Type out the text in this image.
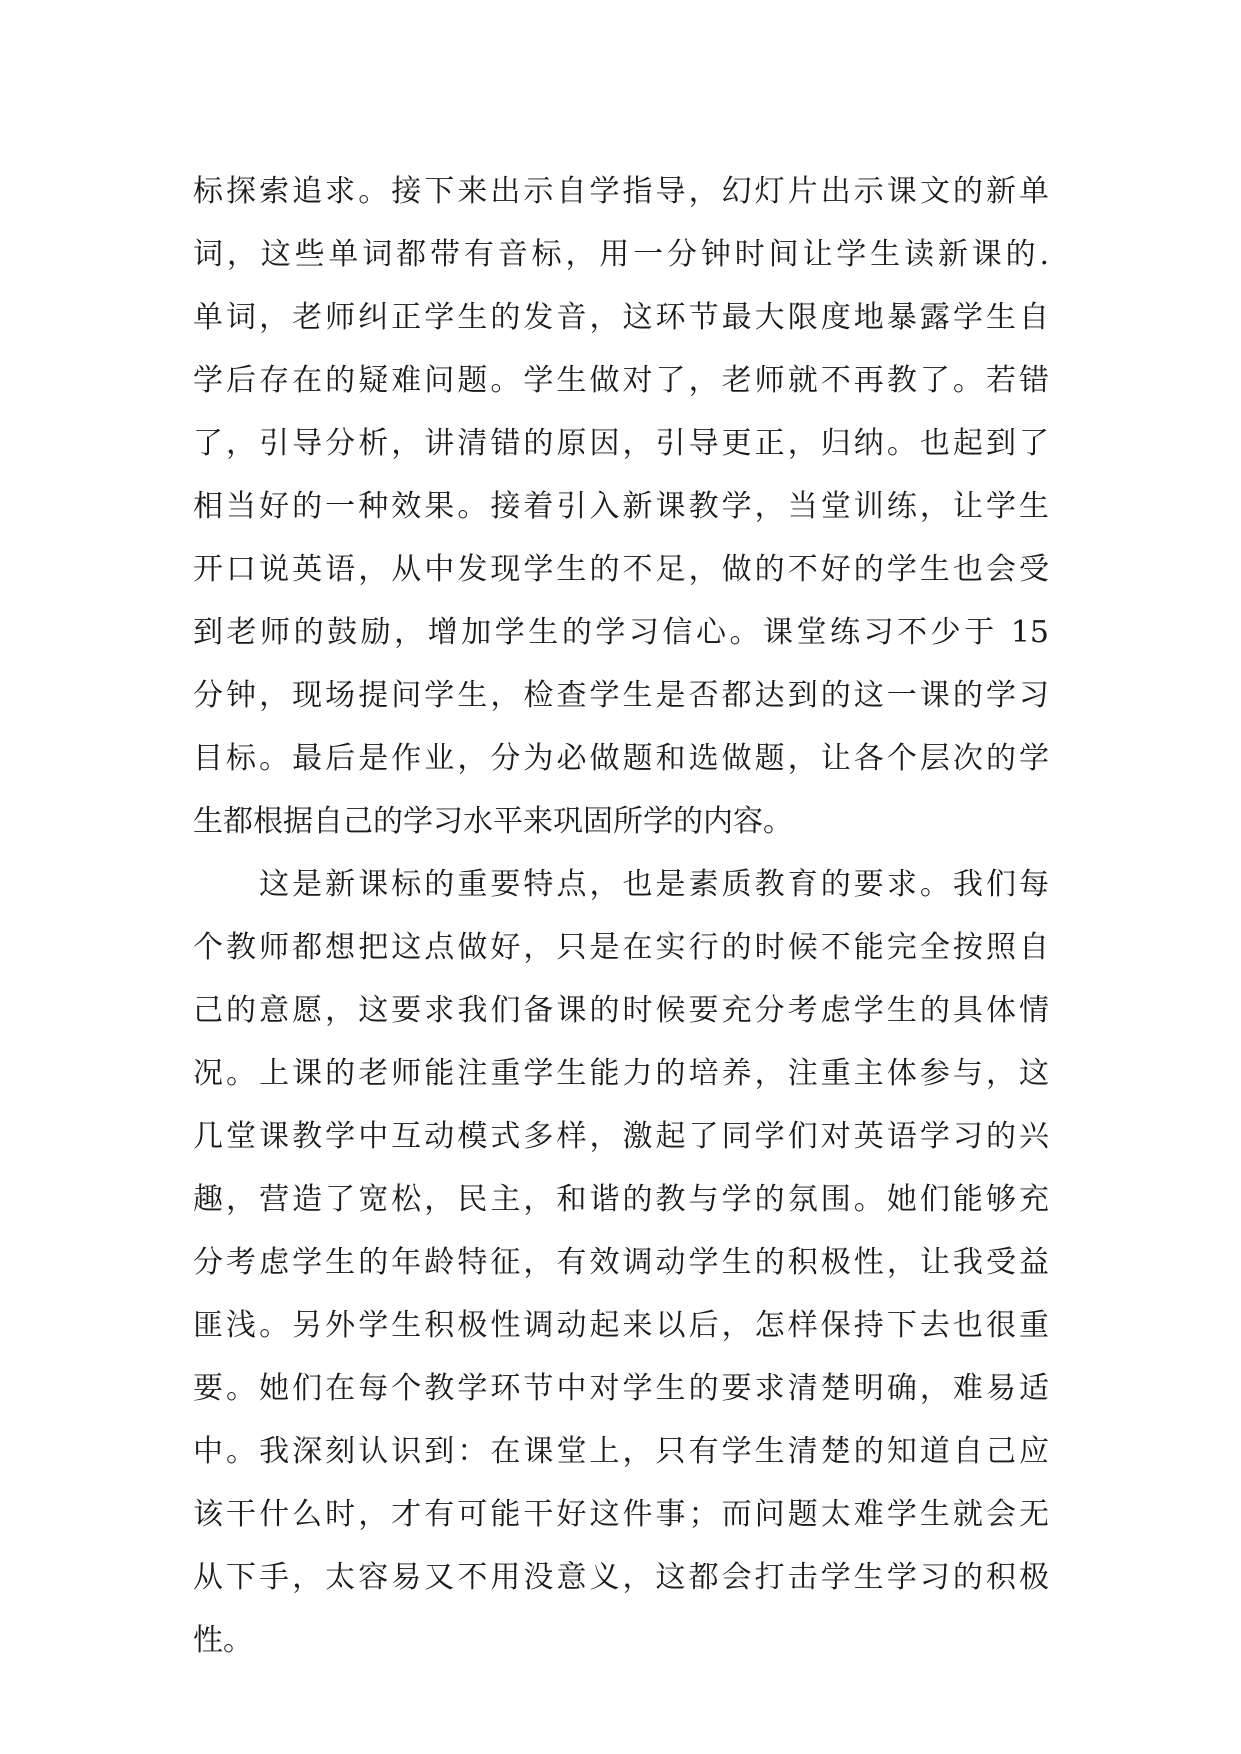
标探索追求。接下来出示自学指导，幻灯片出示课文的新单
词，这些单词都带有音标，用一分钟时间让学生读新课的.
单词，老师纠正学生的发音，这环节最大限度地暴露学生自
学后存在的疑难问题。学生做对了，老师就不再教了。若错
了，引导分析，讲清错的原因，引导更正，归纳。也起到了
相当好的一种效果。接着引入新课教学，当堂训练，让学生
开口说英语，从中发现学生的不足，做的不好的学生也会受
到老师的鼓励，增加学生的学习信心。课堂练习不少于 15
分钟，现场提问学生，检查学生是否都达到的这一课的学习
目标。最后是作业，分为必做题和选做题，让各个层次的学
生都根据自己的学习水平来巩固所学的内容。
　　这是新课标的重要特点，也是素质教育的要求。我们每
个教师都想把这点做好，只是在实行的时候不能完全按照自
己的意愿，这要求我们备课的时候要充分考虑学生的具体情
况。上课的老师能注重学生能力的培养，注重主体参与，这
几堂课教学中互动模式多样，激起了同学们对英语学习的兴
趣，营造了宽松，民主，和谐的教与学的氛围。她们能够充
分考虑学生的年龄特征，有效调动学生的积极性，让我受益
匪浅。另外学生积极性调动起来以后，怎样保持下去也很重
要。她们在每个教学环节中对学生的要求清楚明确，难易适
中。我深刻认识到：在课堂上，只有学生清楚的知道自己应
该干什么时，才有可能干好这件事；而问题太难学生就会无
从下手，太容易又不用没意义，这都会打击学生学习的积极
性。
